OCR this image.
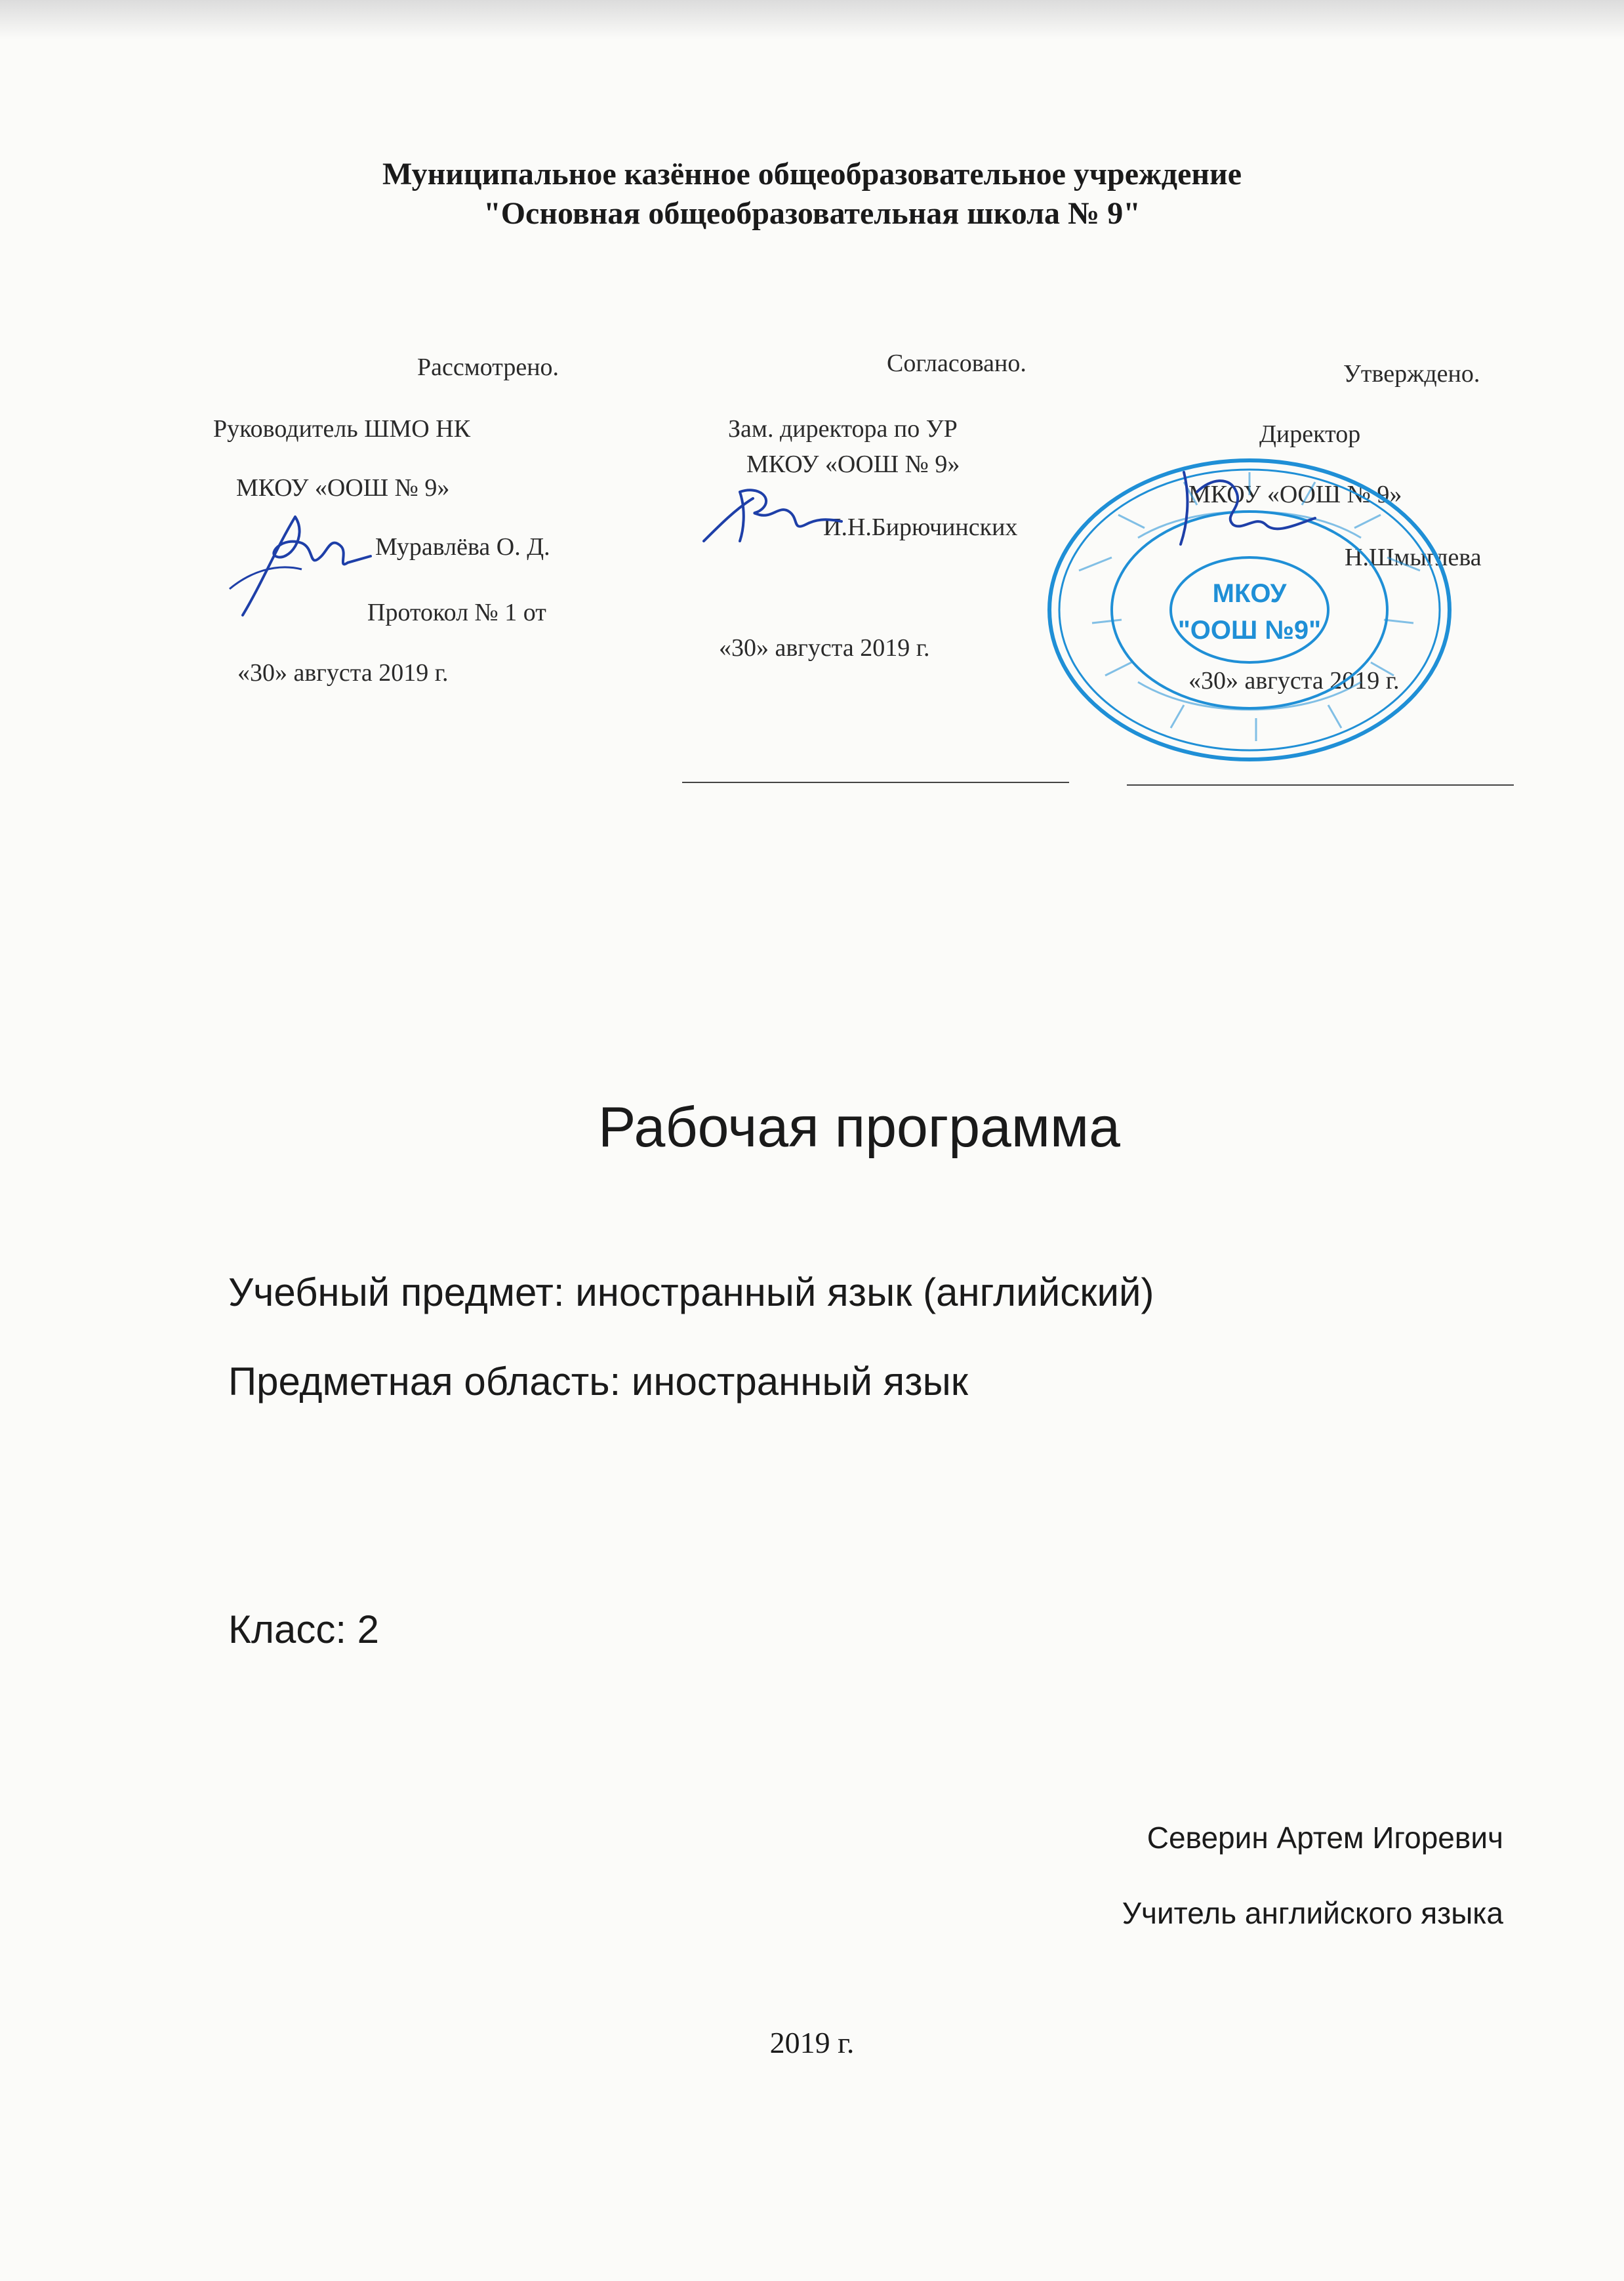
Муниципальное казённое общеобразовательное учреждение
"Основная общеобразовательная школа № 9"
Рассмотрено.
Руководитель ШМО НК
МКОУ «ООШ № 9»
Муравлёва О. Д.
Протокол № 1 от
«30» августа 2019 г.
Согласовано.
Зам. директора по УР
МКОУ «ООШ № 9»
И.Н.Бирючинских
«30» августа 2019 г.
Утверждено.
Директор
МКОУ «ООШ № 9»
Н.Шмыглева
«30» августа 2019 г.
МКОУ
"ООШ №9"
Рабочая программа
Учебный предмет: иностранный язык (английский)
Предметная область: иностранный язык
Класс: 2
Северин Артем Игоревич
Учитель английского языка
2019 г.
